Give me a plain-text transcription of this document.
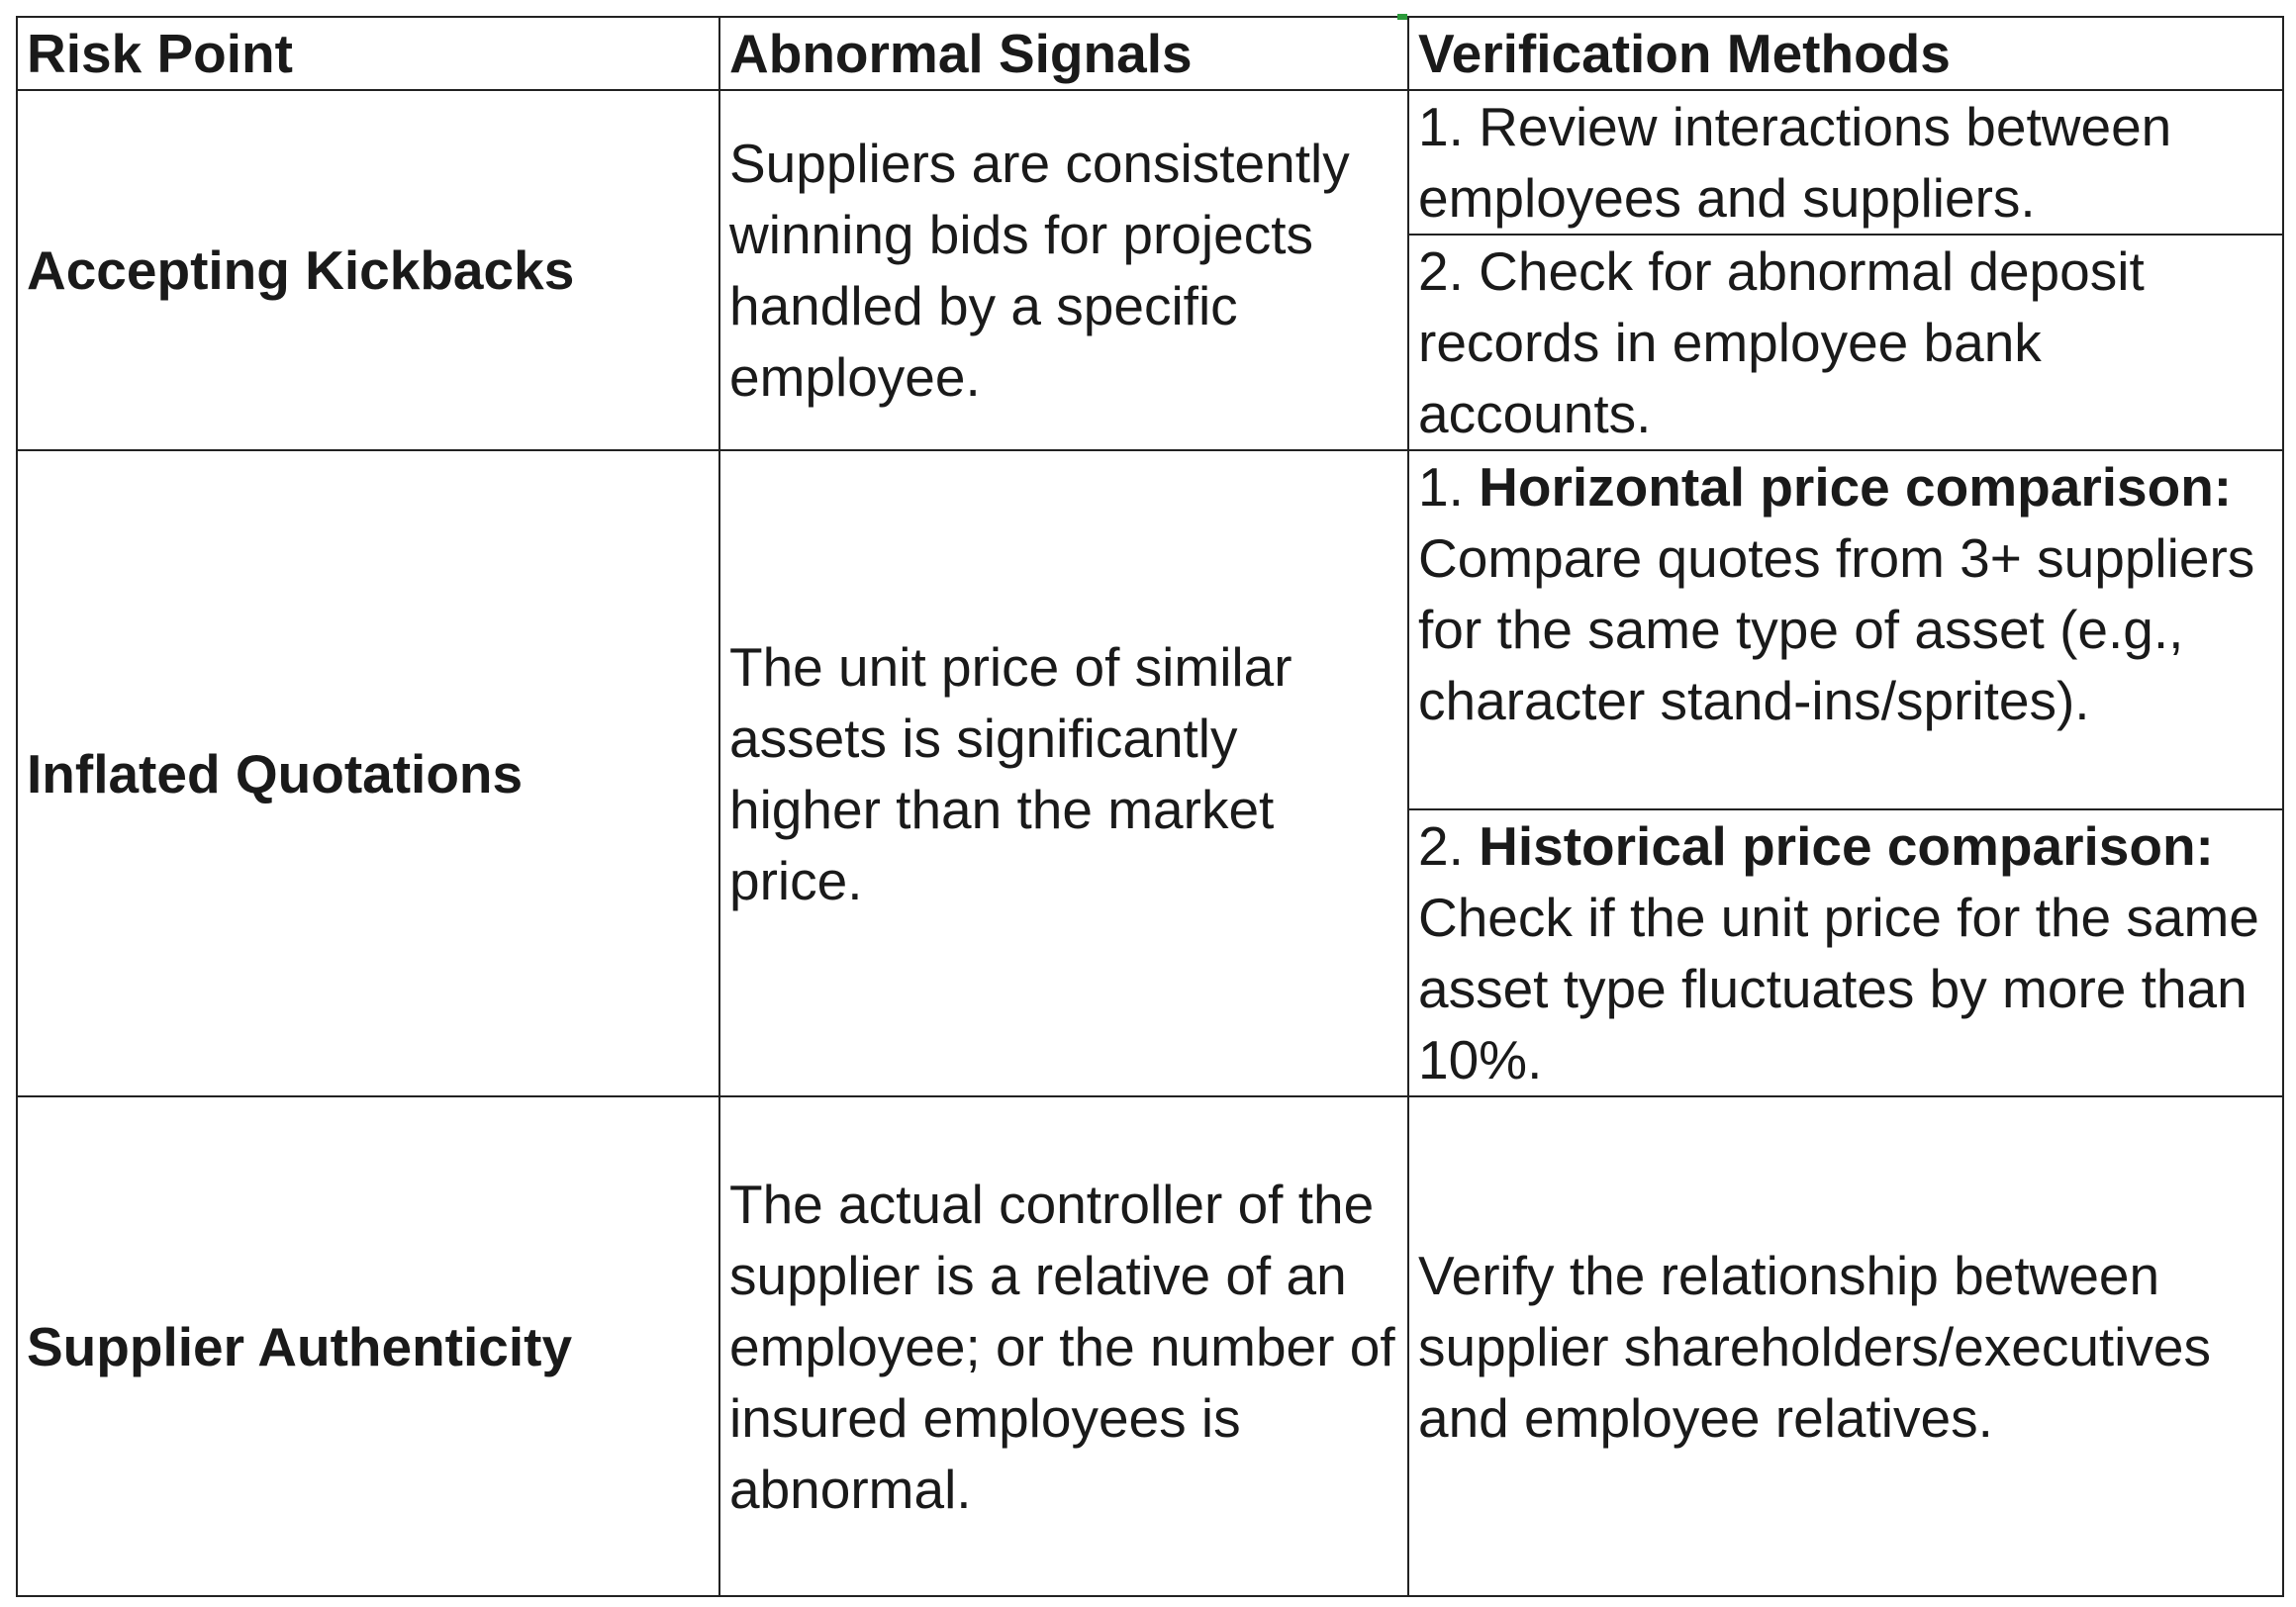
Risk Point	Abnormal Signals	Verification Methods
Accepting Kickbacks	Suppliers are consistently winning bids for projects handled by a specific employee.	1. Review interactions between employees and suppliers.
		2. Check for abnormal deposit records in employee bank accounts.
Inflated Quotations	The unit price of similar assets is significantly higher than the market price.	1. Horizontal price comparison: Compare quotes from 3+ suppliers for the same type of asset (e.g., character stand-ins/sprites).
		2. Historical price comparison: Check if the unit price for the same asset type fluctuates by more than 10%.
Supplier Authenticity	The actual controller of the supplier is a relative of an employee; or the number of insured employees is abnormal.	Verify the relationship between supplier shareholders/executives and employee relatives.
